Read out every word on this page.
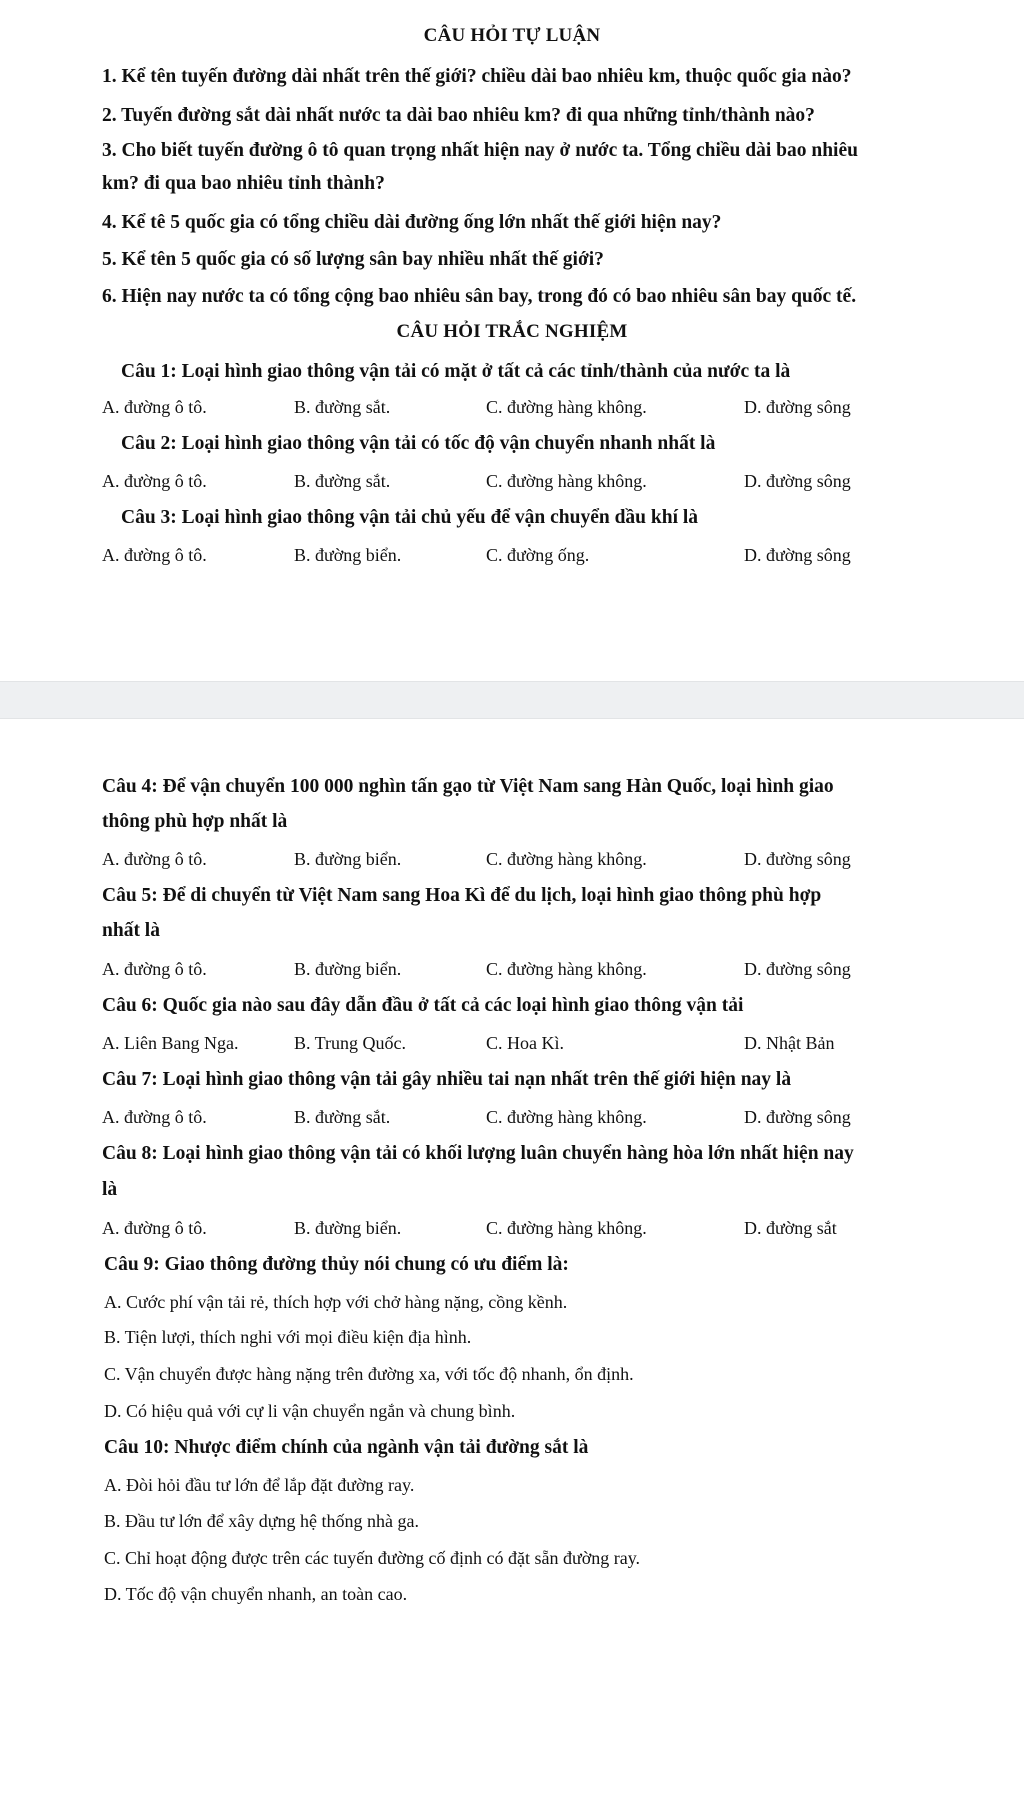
CÂU HỎI TỰ LUẬN
1. Kể tên tuyến đường dài nhất trên thế giới? chiều dài bao nhiêu km, thuộc quốc gia nào?
2. Tuyến đường sắt dài nhất nước ta dài bao nhiêu km? đi qua những tỉnh/thành nào?
3. Cho biết tuyến đường ô tô quan trọng nhất hiện nay ở nước ta. Tổng chiều dài bao nhiêu
km? đi qua bao nhiêu tỉnh thành?
4. Kể tê 5 quốc gia có tổng chiều dài đường ống lớn nhất thế giới hiện nay?
5. Kể tên 5 quốc gia có số lượng sân bay nhiều nhất thế giới?
6. Hiện nay nước ta có tổng cộng bao nhiêu sân bay, trong đó có bao nhiêu sân bay quốc tế.
CÂU HỎI TRẮC NGHIỆM
Câu 1: Loại hình giao thông vận tải có mặt ở tất cả các tỉnh/thành của nước ta là
A. đường ô tô.	B. đường sắt.	C. đường hàng không.	D. đường sông
Câu 2: Loại hình giao thông vận tải có tốc độ vận chuyển nhanh nhất là
A. đường ô tô.	B. đường sắt.	C. đường hàng không.	D. đường sông
Câu 3: Loại hình giao thông vận tải chủ yếu để vận chuyển dầu khí là
A. đường ô tô.	B. đường biển.	C. đường ống.	D. đường sông
Câu 4: Để vận chuyển 100 000 nghìn tấn gạo từ Việt Nam sang Hàn Quốc, loại hình giao
thông phù hợp nhất là
A. đường ô tô.	B. đường biển.	C. đường hàng không.	D. đường sông
Câu 5: Để di chuyển từ Việt Nam sang Hoa Kì để du lịch, loại hình giao thông phù hợp
nhất là
A. đường ô tô.	B. đường biển.	C. đường hàng không.	D. đường sông
Câu 6: Quốc gia nào sau đây dẫn đầu ở tất cả các loại hình giao thông vận tải
A. Liên Bang Nga.	B. Trung Quốc.	C. Hoa Kì.	D. Nhật Bản
Câu 7: Loại hình giao thông vận tải gây nhiều tai nạn nhất trên thế giới hiện nay là
A. đường ô tô.	B. đường sắt.	C. đường hàng không.	D. đường sông
Câu 8: Loại hình giao thông vận tải có khối lượng luân chuyển hàng hòa lớn nhất hiện nay
là
A. đường ô tô.	B. đường biển.	C. đường hàng không.	D. đường sắt
Câu 9: Giao thông đường thủy nói chung có ưu điểm là:
A. Cước phí vận tải rẻ, thích hợp với chở hàng nặng, cồng kềnh.
B. Tiện lượi, thích nghi với mọi điều kiện địa hình.
C. Vận chuyển được hàng nặng trên đường xa, với tốc độ nhanh, ổn định.
D. Có hiệu quả với cự li vận chuyển ngắn và chung bình.
Câu 10: Nhược điểm chính của ngành vận tải đường sắt là
A. Đòi hỏi đầu tư lớn để lắp đặt đường ray.
B. Đầu tư lớn để xây dựng hệ thống nhà ga.
C. Chỉ hoạt động được trên các tuyến đường cố định có đặt sẵn đường ray.
D. Tốc độ vận chuyển nhanh, an toàn cao.
